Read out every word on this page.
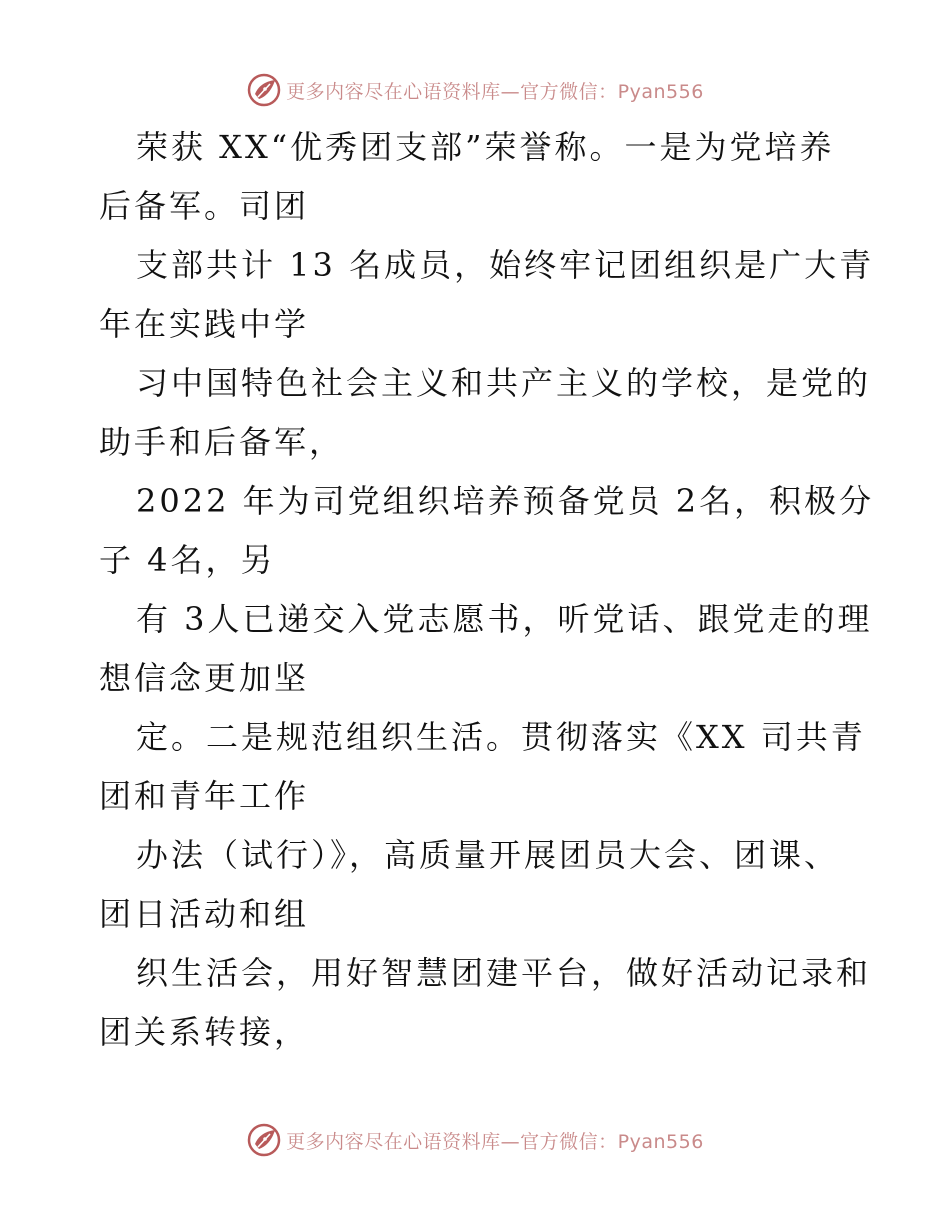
更多内容尽在心语资料库—官方微信：Pyan556
荣获 XX“优秀团支部”荣誉称。一是为党培养
后备军。司团
支部共计 13 名成员，始终牢记团组织是广大青
年在实践中学
习中国特色社会主义和共产主义的学校，是党的
助手和后备军，
2022 年为司党组织培养预备党员 2名，积极分
子 4名，另
有 3人已递交入党志愿书，听党话、跟党走的理
想信念更加坚
定。二是规范组织生活。贯彻落实《XX 司共青
团和青年工作
办法（试行）》，高质量开展团员大会、团课、
团日活动和组
织生活会，用好智慧团建平台，做好活动记录和
团关系转接，
更多内容尽在心语资料库—官方微信：Pyan556
